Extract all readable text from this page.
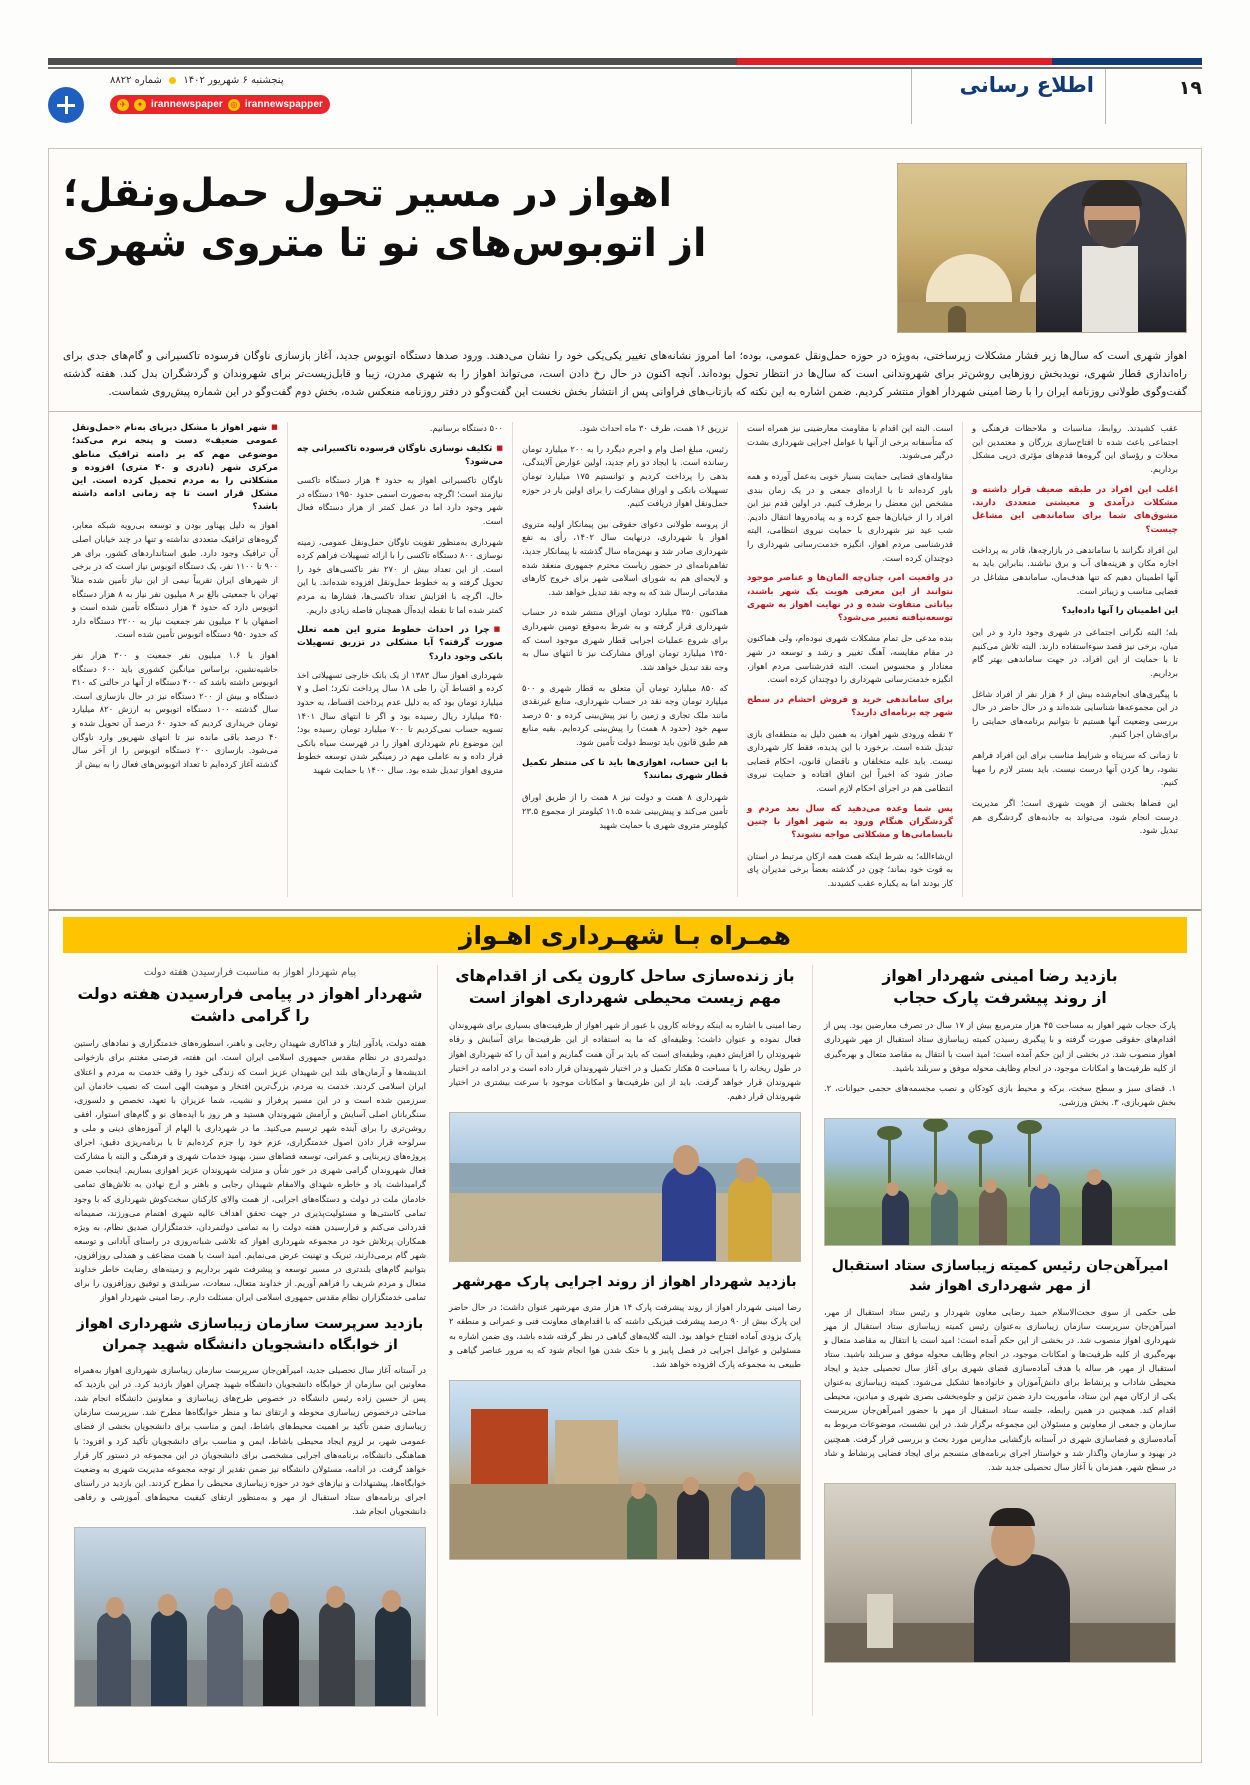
۱۹
اطلاع رسانی
پنجشنبه ۶ شهریور ۱۴۰۲  شماره ۸۸۲۲
✈	✦ irannewspaper ◎ irannewspapper
اهواز در مسیر تحول حمل‌ونقل؛
از اتوبوس‌های نو تا متروی شهری
اهواز شهری است که سال‌ها زیر فشار مشکلات زیرساختی، به‌ویژه در حوزه حمل‌ونقل عمومی، بوده؛ اما امروز نشانه‌های تغییر یکی‌یکی خود را نشان می‌دهند. ورود صدها دستگاه اتوبوس جدید، آغاز بازسازی ناوگان فرسوده تاکسیرانی و گام‌های جدی برای راه‌اندازی قطار شهری، نویدبخش روزهایی روشن‌تر برای شهروندانی است که سال‌ها در انتظار تحول بوده‌اند. آنچه اکنون در حال رخ دادن است، می‌تواند اهواز را به شهری مدرن، زیبا و قابل‌زیست‌تر برای شهروندان و گردشگران بدل کند. هفته گذشته گفت‌وگوی طولانی روزنامه ایران را با رضا امینی شهردار اهواز منتشر کردیم. ضمن اشاره به این نکته که بازتاب‌های فراوانی پس از انتشار بخش نخست این گفت‌وگو در دفتر روزنامه منعکس شده، بخش دوم گفت‌وگو در این شماره پیش‌روی شماست.

عقب کشیدند. روابط، مناسبات و ملاحظات فرهنگی و اجتماعی باعث شده تا افتاح‌سازی بزرگان و معتمدین این محلات و رؤسای این گروه‌ها قدم‌های مؤثری درپی مشکل برداریم.

اغلب این افراد در طبقه ضعیف قرار داشته و مشکلات درآمدی و معیشتی متعددی دارند. مشوق‌های شما برای ساماندهی این مشاغل چیست؟

این افراد نگرانند با ساماندهی در بازارچه‌ها، قادر به پرداخت اجاره مکان و هزینه‌های آب و برق نباشند. بنابراین باید به آنها اطمینان دهیم که تنها هدف‌مان، ساماندهی مشاغل در فضایی مناسب و زیباتر است.

این اطمینان را آنها داده‌اید؟

بله؛ البته نگرانی اجتماعی در شهری وجود دارد و در این میان، برخی نیز قصد سوء‌استفاده دارند. البته تلاش می‌کنیم تا با حمایت از این افراد، در جهت ساماندهی بهتر گام برداریم.

با پیگیری‌های انجام‌شده بیش از ۶ هزار نفر از افراد شاغل در این مجموعه‌ها شناسایی شده‌اند و در حال حاضر در حال بررسی وضعیت آنها هستیم تا بتوانیم برنامه‌های حمایتی را برای‌شان اجرا کنیم.

تا زمانی که سرپناه و شرایط مناسب برای این افراد فراهم نشود، رها کردن آنها درست نیست. باید بستر لازم را مهیا کنیم.

این فضاها بخشی از هویت شهری است؛ اگر مدیریت درست انجام شود، می‌تواند به جاذبه‌های گردشگری هم تبدیل شود.

است. البته این اقدام با مقاومت معارضینی نیز همراه است که متأسفانه برخی از آنها با عوامل اجرایی شهرداری بشدت درگیر می‌شوند.

مقاوله‌های قضایی حمایت بسیار خوبی به‌عمل آورده و همه باور کرده‌اند تا با اراده‌ای جمعی و در یک زمان بندی مشخص این معضل را برطرف کنیم. در اولین قدم نیز این افراد را از خیابان‌ها جمع کرده و به پیاده‌روها انتقال دادیم. شب عید نیز شهرداری با حمایت نیروی انتظامی، البته قدرشناسی مردم اهواز، انگیزه خدمت‌رسانی شهرداری را دوچندان کرده است.

در واقعیت امر، چنان‌چه المان‌ها و عناصر موجود نتوانند از این معرفی هویت یک شهر باشند، بیاناتی متفاوت شده و در نهایت اهواز به شهری توسعه‌نیافته تعبیر می‌شود؟

بنده مدعی حل تمام مشکلات شهری نبوده‌ام، ولی هماکنون در مقام مقایسه، آهنگ تغییر و رشد و توسعه در شهر معنادار و محسوس است. البته قدرشناسی مردم اهواز، انگیزه خدمت‌رسانی شهرداری را دوچندان کرده است.

برای ساماندهی خرید و فروش احشام در سطح شهر چه برنامه‌ای دارید؟

۲ نقطه ورودی شهر اهواز، به همین دلیل به منطقه‌ای بازی تبدیل شده است. برخورد با این پدیده، فقط کار شهرداری نیست. باید علیه متخلفان و ناقضان قانون، احکام قضایی صادر شود که اخیراً این اتفاق افتاده و حمایت نیروی انتظامی هم در اجرای احکام لازم است.

پس شما وعده می‌دهید که سال بعد مردم و گردشگران هنگام ورود به شهر اهواز با چنین نابسامانی‌ها و مشکلاتی مواجه نشوند؟

ان‌شاءالله؛ به شرط اینکه همت همه ارکان مرتبط در استان به قوت خود بماند؛ چون در گذشته بعضاً برخی مدیران پای کار بودند اما به یکباره عقب کشیدند.

تزریق ۱۶ همت، ظرف ۳۰ ماه احداث شود.

رئیس، مبلغ اصل وام و اجرم دیگرد را به ۲۰۰ میلیارد تومان رسانده است. با ایجاد دو رام جدید، اولین عوارض آلایندگی، بدهی را پرداخت کردیم و توانستیم ۱۷۵ میلیارد تومان تسهیلات بانکی و اوراق مشارکت را برای اولین بار در حوزه حمل‌ونقل اهواز دریافت کنیم.

از پروسه طولانی دعوای حقوقی بین پیمانکار اولیه متروی اهواز با شهرداری، درنهایت سال ۱۴۰۲، رأی به نفع شهرداری صادر شد و بهمن‌ماه سال گذشته با پیمانکار جدید، تفاهم‌نامه‌ای در حضور ریاست محترم جمهوری منعقد شده و لایحه‌ای هم به شورای اسلامی شهر برای خروج کارهای مقدماتی ارسال شد که به وجه نقد تبدیل خواهد شد.

هماکنون ۳۵۰ میلیارد تومان اوراق منتشر شده در حساب شهرداری قرار گرفته و به شرط به‌موقع تومین شهرداری برای شروع عملیات اجرایی قطار شهری موجود است که ۱۳۵۰ میلیارد تومان اوراق مشارکت نیز تا انتهای سال به وجه نقد تبدیل خواهد شد.

که ۸۵۰ میلیارد تومان آن متعلق به قطار شهری و ۵۰۰ میلیارد تومان وجه نقد در حساب شهرداری، منابع غیرنقدی مانند ملک تجاری و زمین را نیز پیش‌بینی کرده و ۵۰ درصد سهم خود (حدود ۸ همت) را پیش‌بینی کرده‌ایم. بقیه منابع هم طبق قانون باید توسط دولت تأمین شود.

با این حساب، اهوازی‌ها باید تا کی منتظر تکمیل قطار شهری بمانند؟

شهرداری ۸ همت و دولت نیز ۸ همت را از طریق اوراق تأمین می‌کند و پیش‌بینی شده ۱۱.۵ کیلومتر از مجموع ۲۳.۵ کیلومتر متروی شهری با حمایت شهید

۵۰۰ دستگاه برسانیم.

■ تکلیف نوسازی ناوگان فرسوده تاکسیرانی چه می‌شود؟

ناوگان تاکسیرانی اهواز به حدود ۴ هزار دستگاه تاکسی نیازمند است؛ اگرچه به‌صورت اسمی حدود ۱۹۵۰ دستگاه در شهر وجود دارد اما در عمل کمتر از هزار دستگاه فعال است.

شهرداری به‌منظور تقویت ناوگان حمل‌ونقل عمومی، زمینه نوسازی ۸۰۰ دستگاه تاکسی را با ارائه تسهیلات فراهم کرده است. از این تعداد بیش از ۲۷۰ نفر تاکسی‌های خود را تحویل گرفته و به خطوط حمل‌ونقل افزوده شده‌اند. با این حال، اگرچه با افزایش تعداد تاکسی‌ها، فشارها به مردم کمتر شده اما تا نقطه ایده‌آل همچنان فاصله زیادی داریم.

■ چرا در احداث خطوط مترو این همه تعلل صورت گرفته؟ آیا مشکلی در تزریق تسهیلات بانکی وجود دارد؟

شهرداری اهواز سال ۱۳۸۳ از یک بانک خارجی تسهیلاتی اخذ کرده و اقساط آن را طی ۱۸ سال پرداخت نکرد؛ اصل و ۷ میلیارد تومان بود که به دلیل عدم پرداخت اقساط، به حدود ۴۵۰ میلیارد ریال رسیده بود و اگر تا انتهای سال ۱۴۰۱ تسویه حساب نمی‌کردیم تا ۷۰۰ میلیارد تومان رسیده بود؛ این موضوع نام شهرداری اهواز را در فهرست سیاه بانکی قرار داده و به عاملی مهم در زمینگیر شدن توسعه خطوط متروی اهواز تبدیل شده بود. سال ۱۴۰۰ با حمایت شهید

■ شهر اهواز با مشکل دیرپای به‌نام «حمل‌ونقل عمومی ضعیف» دست و پنجه نرم می‌کند؛ موضوعی مهم که بر دامنه ترافیک مناطق مرکزی شهر (نادری و ۴۰ متری) افزوده و مشکلاتی را به مردم تحمیل کرده است. این مشکل قرار است تا چه زمانی ادامه داشته باشد؟

اهواز به دلیل پهناور بودن و توسعه بی‌رویه شبکه معابر، گروه‌های ترافیک متعددی نداشته و تنها در چند خیابان اصلی آن ترافیک وجود دارد. طبق استانداردهای کشور، برای هر ۹۰۰ تا ۱۱۰۰ نفر، یک دستگاه اتوبوس نیاز است که در برخی از شهرهای ایران تقریباً نیمی از این نیاز تأمین شده مثلاً تهران با جمعیتی بالغ بر ۸ میلیون نفر نیاز به ۸ هزار دستگاه اتوبوس دارد که حدود ۴ هزار دستگاه تأمین شده است و اصفهان با ۲ میلیون نفر جمعیت نیاز به ۲۲۰۰ دستگاه دارد که حدود ۹۵۰ دستگاه اتوبوس تأمین شده است.

اهواز با ۱.۶ میلیون نفر جمعیت و ۳۰۰ هزار نفر حاشیه‌نشین، براساس میانگین کشوری باید ۶۰۰ دستگاه اتوبوس داشته باشد که ۴۰۰ دستگاه از آنها در حالتی که ۳۱۰ دستگاه و بیش از ۲۰۰ دستگاه نیز در حال بازسازی است. سال گذشته ۱۰۰ دستگاه اتوبوس به ارزش ۸۲۰ میلیارد تومان خریداری کردیم که حدود ۶۰ درصد آن تحویل شده و ۴۰ درصد باقی مانده نیز تا انتهای شهریور وارد ناوگان می‌شود. بازسازی ۲۰۰ دستگاه اتوبوس را از آخر سال گذشته آغاز کرده‌ایم تا تعداد اتوبوس‌های فعال را به بیش از

همـراه بـا شهـرداری اهـواز
بازدید رضا امینی شهردار اهواز
از روند پیشرفت پارک حجاب

پارک حجاب شهر اهواز به مساحت ۴۵ هزار مترمربع بیش از ۱۷ سال در تصرف معارضین بود. پس از اقدام‌های حقوقی صورت گرفته و با پیگیری رسیدن کمیته زیباسازی ستاد استقبال از مهر شهرداری اهواز منصوب شد. در بخشی از این حکم آمده است: امید است با انتقال به مقاصد متعال و بهره‌گیری از کلیه ظرفیت‌ها و امکانات موجود، در انجام وظایف محوله موفق و سربلند باشید.

۱. فضای سبز و سطح سخت، برکه و محیط بازی کودکان و نصب مجسمه‌های حجمی حیوانات، ۲. بخش شهربازی، ۳. بخش ورزشی.

امیرآهن‌جان رئیس کمیته زیباسازی ستاد استقبال
از مهر شهرداری اهواز شد

طی حکمی از سوی حجت‌الاسلام حمید رضایی معاون شهردار و رئیس ستاد استقبال از مهر، امیرآهن‌جان سرپرست سازمان زیباسازی به‌عنوان رئیس کمیته زیباسازی ستاد استقبال از مهر شهرداری اهواز منصوب شد. در بخشی از این حکم آمده است: امید است با انتقال به مقاصد متعال و بهره‌گیری از کلیه ظرفیت‌ها و امکانات موجود، در انجام وظایف محوله موفق و سربلند باشید. ستاد استقبال از مهر، هر ساله با هدف آماده‌سازی فضای شهری برای آغاز سال تحصیلی جدید و ایجاد محیطی شاداب و پرنشاط برای دانش‌آموزان و خانواده‌ها تشکیل می‌شود. کمیته زیباسازی به‌عنوان یکی از ارکان مهم این ستاد، مأموریت دارد ضمن تزئین و جلوه‌بخشی بصری شهری و میادین، محیطی اقدام کند. همچنین در همین رابطه، جلسه ستاد استقبال از مهر با حضور امیرآهن‌جان سرپرست سازمان و جمعی از معاونین و مسئولان این مجموعه برگزار شد. در این نشست، موضوعات مربوط به آماده‌سازی و فضاسازی شهری در آستانه بازگشایی مدارس مورد بحث و بررسی قرار گرفت. همچنین در بهبود و سازمان واگذار شد و خواستار اجرای برنامه‌های منسجم برای ایجاد فضایی پرنشاط و شاد در سطح شهر، همزمان با آغاز سال تحصیلی جدید شد.

باز زنده‌سازی ساحل کارون یکی از اقدام‌های
مهم زیست محیطی شهرداری اهواز است

رضا امینی با اشاره به اینکه روخانه کارون با عبور از شهر اهواز از ظرفیت‌های بسیاری برای شهروندان فعال نموده و عنوان داشت: وظیفه‌ای که ما به استفاده از این ظرفیت‌ها برای آسایش و رفاه شهروندان را افزایش دهیم، وظیفه‌ای است که باید بر آن همت گماریم و امید آن را که شهرداری اهواز در طول ریخانه را با مساحت ۵ هکتار تکمیل و در اختیار شهروندان قرار داده است و در ادامه در اختیار شهروندان قرار خواهد گرفت. باید از این ظرفیت‌ها و امکانات موجود با سرعت بیشتری در اختیار شهروندان قرار دهیم.

بازدید شهردار اهواز از روند اجرایی پارک مهرشهر

رضا امینی شهردار اهواز از روند پیشرفت پارک ۱۴ هزار متری مهرشهر عنوان داشت: در حال حاضر این پارک بیش از ۹۰ درصد پیشرفت فیزیکی داشته که با اقدام‌های معاونت فنی و عمرانی و منطقه ۲ پارک بزودی آماده افتتاح خواهد بود. البته گلایه‌های گیاهی در نظر گرفته شده باشد، وی ضمن اشاره به مسئولین و عوامل اجرایی در فصل پاییز و با خنک شدن هوا انجام شود که به مرور عناصر گیاهی و طبیعی به مجموعه پارک افزوده خواهد شد.

پیام شهردار اهواز به مناسبت فرارسیدن هفته دولت
شهردار اهواز در پیامی فرارسیدن هفته دولت را گرامی داشت

هفته دولت، یادآور ایثار و فداکاری شهیدان رجایی و باهنر، اسطوره‌های خدمتگزاری و نمادهای راستین دولتمردی در نظام مقدس جمهوری اسلامی ایران است. این هفته، فرصتی مغتنم برای بازخوانی اندیشه‌ها و آرمان‌های بلند این شهیدان عزیز است که زندگی خود را وقف خدمت به مردم و اعتلای ایران اسلامی کردند. خدمت به مردم، بزرگ‌ترین افتخار و موهبت الهی است که نصیب خادمان این سرزمین شده است و در این مسیر پرفراز و نشیب، شما عزیزان با تعهد، تخصص و دلسوزی، سنگربانان اصلی آسایش و آرامش شهروندان هستید و هر روز با ایده‌های نو و گام‌های استوار، افقی روشن‌تری را برای آینده شهر ترسیم می‌کنید. ما در شهرداری با الهام از آموزه‌های دینی و ملی و سرلوحه قرار دادن اصول خدمتگزاری، عزم خود را جزم کرده‌ایم تا با برنامه‌ریزی دقیق، اجرای پروژه‌های زیربنایی و عمرانی، توسعه فضاهای سبز، بهبود خدمات شهری و فرهنگی و البته با مشارکت فعال شهروندان گرامی شهری در خور شأن و منزلت شهروندان عزیز اهوازی بسازیم. اینجانب ضمن گرامیداشت یاد و خاطره شهدای والامقام شهیدان رجایی و باهنر و ارج نهادن به تلاش‌های تمامی خادمان ملت در دولت و دستگاه‌های اجرایی، از همت والای کارکنان سخت‌کوش شهرداری که با وجود تمامی کاستی‌ها و مسئولیت‌پذیری در جهت تحقق اهداف عالیه شهری اهتمام می‌ورزند، صمیمانه قدردانی می‌کنم و فرارسیدن هفته دولت را به تمامی دولتمردان، خدمتگزاران صدیق نظام، به ویژه همکاران پرتلاش خود در مجموعه شهرداری اهواز که تلاشی شبانه‌روزی در راستای آبادانی و توسعه شهر گام برمی‌دارند، تبریک و تهنیت عرض می‌نمایم. امید است با همت مضاعف و همدلی روزافزون، بتوانیم گام‌های بلندتری در مسیر توسعه و پیشرفت شهر برداریم و زمینه‌های رضایت خاطر خداوند متعال و مردم شریف را فراهم آوریم. از خداوند متعال، سعادت، سربلندی و توفیق روزافزون را برای تمامی خدمتگزاران نظام مقدس جمهوری اسلامی ایران مسئلت دارم. رضا امینی شهردار اهواز

بازدید سرپرست سازمان زیباسازی شهرداری اهواز
از خوابگاه دانشجویان دانشگاه شهید چمران

در آستانه آغاز سال تحصیلی جدید، امیرآهن‌جان سرپرست سازمان زیباسازی شهرداری اهواز به‌همراه معاونین این سازمان از خوابگاه دانشجویان دانشگاه شهید چمران اهواز بازدید کرد. در این بازدید که پس از حسین زاده رئیس دانشگاه در خصوص طرح‌های زیباسازی و معاونین دانشگاه انجام شد، مباحثی درخصوص زیباسازی محوطه و ارتقای نما و منظر خوابگاه‌ها مطرح شد. سرپرست سازمان زیباسازی ضمن تأکید بر اهمیت محیط‌های باشاط، ایمن و مناسب برای دانشجویان بخشی از فضای عمومی شهر، بر لزوم ایجاد محیطی باشاط، ایمن و مناسب برای دانشجویان تأکید کرد و افزود: با هماهنگی دانشگاه، برنامه‌های اجرایی مشخصی برای دانشجویان در این مجموعه در دستور کار قرار خواهد گرفت. در ادامه، مسئولان دانشگاه نیز ضمن تقدیر از توجه مجموعه مدیریت شهری به وضعیت خوابگاه‌ها، پیشنهادات و نیازهای خود در حوزه زیباسازی محیطی را مطرح کردند. این بازدید در راستای اجرای برنامه‌های ستاد استقبال از مهر و به‌منظور ارتقای کیفیت محیط‌های آموزشی و رفاهی دانشجویان انجام شد.
